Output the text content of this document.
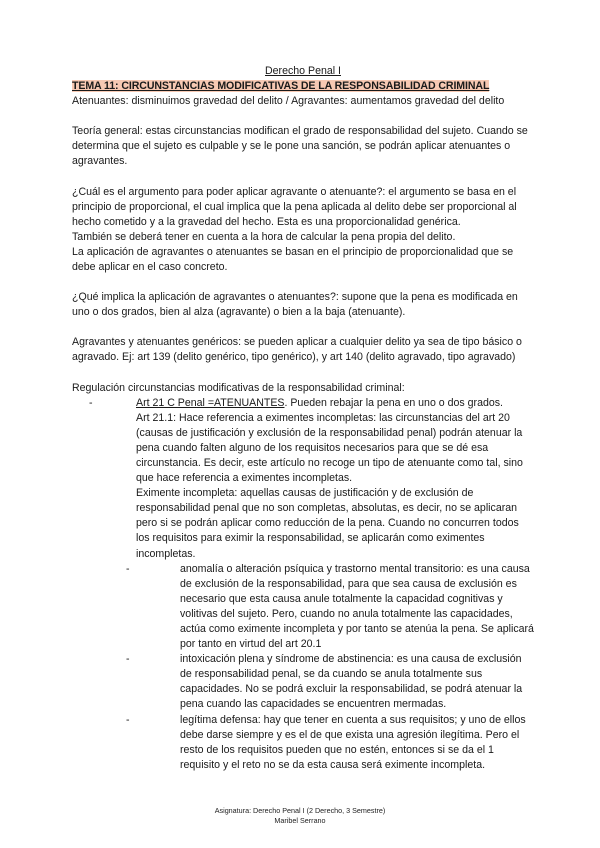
Derecho Penal I

TEMA 11: CIRCUNSTANCIAS MODIFICATIVAS DE LA RESPONSABILIDAD CRIMINAL

Atenuantes: disminuimos gravedad del delito / Agravantes: aumentamos gravedad del delito

Teoría general: estas circunstancias modifican el grado de responsabilidad del sujeto. Cuando se determina que el sujeto es culpable y se le pone una sanción, se podrán aplicar atenuantes o agravantes.

¿Cuál es el argumento para poder aplicar agravante o atenuante?: el argumento se basa en el principio de proporcional, el cual implica que la pena aplicada al delito debe ser proporcional al hecho cometido y a la gravedad del hecho. Esta es una proporcionalidad genérica.

También se deberá tener en cuenta a la hora de calcular la pena propia del delito.

La aplicación de agravantes o atenuantes se basan en el principio de proporcionalidad que se debe aplicar en el caso concreto.

¿Qué implica la aplicación de agravantes o atenuantes?: supone que la pena es modificada en uno o dos grados, bien al alza (agravante) o bien a la baja (atenuante).

Agravantes y atenuantes genéricos: se pueden aplicar a cualquier delito ya sea de tipo básico o agravado. Ej: art 139 (delito genérico, tipo genérico), y art 140 (delito agravado, tipo agravado)

Regulación circunstancias modificativas de la responsabilidad criminal:

-	Art 21 C Penal =ATENUANTES. Pueden rebajar la pena en uno o dos grados.

Art 21.1: Hace referencia a eximentes incompletas: las circunstancias del art 20 (causas de justificación y exclusión de la responsabilidad penal) podrán atenuar la pena cuando falten alguno de los requisitos necesarios para que se dé esa circunstancia. Es decir, este artículo no recoge un tipo de atenuante como tal, sino que hace referencia a eximentes incompletas.

Eximente incompleta: aquellas causas de justificación y de exclusión de responsabilidad penal que no son completas, absolutas, es decir, no se aplicaran pero si se podrán aplicar como reducción de la pena. Cuando no concurren todos los requisitos para eximir la responsabilidad, se aplicarán como eximentes incompletas.

-	anomalía o alteración psíquica y trastorno mental transitorio: es una causa de exclusión de la responsabilidad, para que sea causa de exclusión es necesario que esta causa anule totalmente la capacidad cognitivas y volitivas del sujeto. Pero, cuando no anula totalmente las capacidades, actúa como eximente incompleta y por tanto se atenúa la pena. Se aplicará por tanto en virtud del art 20.1

-	intoxicación plena y síndrome de abstinencia: es una causa de exclusión de responsabilidad penal, se da cuando se anula totalmente sus capacidades. No se podrá excluir la responsabilidad, se podrá atenuar la pena cuando las capacidades se encuentren mermadas.

-	legítima defensa: hay que tener en cuenta a sus requisitos; y uno de ellos debe darse siempre y es el de que exista una agresión ilegítima. Pero el resto de los requisitos pueden que no estén, entonces si se da el 1 requisito y el reto no se da esta causa será eximente incompleta.

Asignatura: Derecho Penal I (2 Derecho, 3 Semestre)
Maribel Serrano
